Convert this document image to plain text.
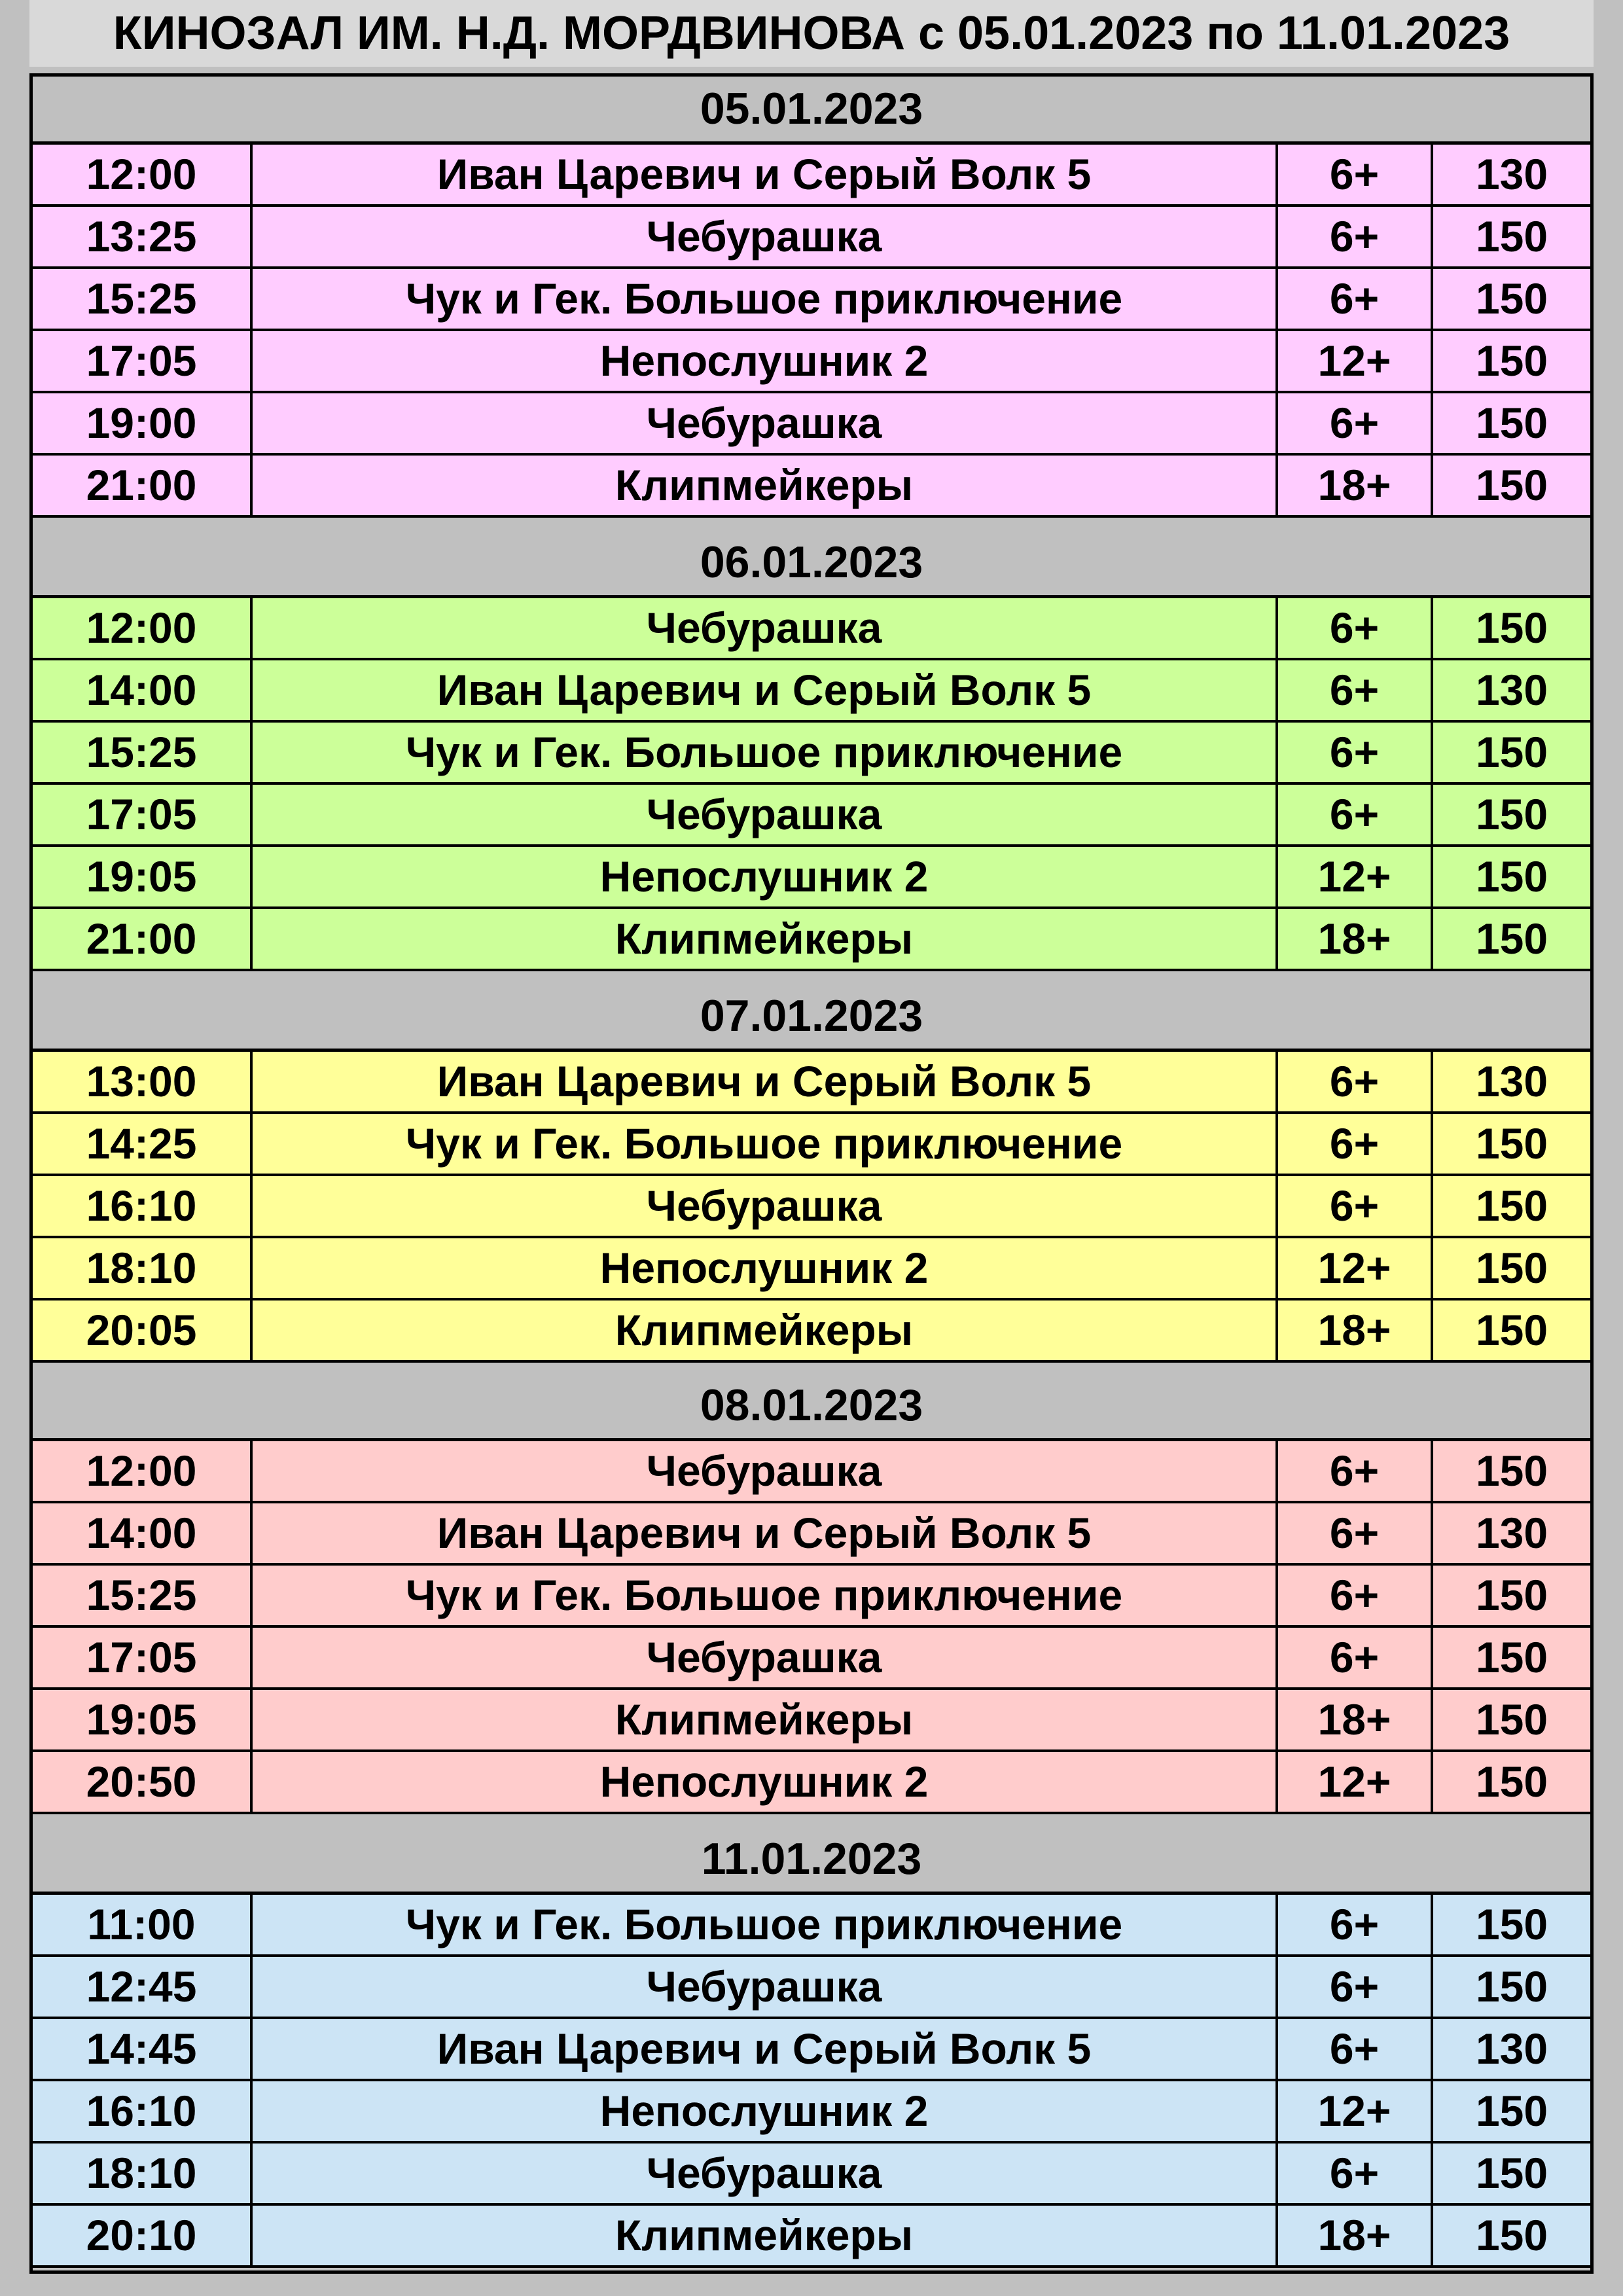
КИНОЗАЛ ИМ. Н.Д. МОРДВИНОВА с 05.01.2023 по 11.01.2023
05.01.2023
12:00	Иван Царевич и Серый Волк 5	6+	130
13:25	Чебурашка	6+	150
15:25	Чук и Гек. Большое приключение	6+	150
17:05	Непослушник 2	12+	150
19:00	Чебурашка	6+	150
21:00	Клипмейкеры	18+	150
06.01.2023
12:00	Чебурашка	6+	150
14:00	Иван Царевич и Серый Волк 5	6+	130
15:25	Чук и Гек. Большое приключение	6+	150
17:05	Чебурашка	6+	150
19:05	Непослушник 2	12+	150
21:00	Клипмейкеры	18+	150
07.01.2023
13:00	Иван Царевич и Серый Волк 5	6+	130
14:25	Чук и Гек. Большое приключение	6+	150
16:10	Чебурашка	6+	150
18:10	Непослушник 2	12+	150
20:05	Клипмейкеры	18+	150
08.01.2023
12:00	Чебурашка	6+	150
14:00	Иван Царевич и Серый Волк 5	6+	130
15:25	Чук и Гек. Большое приключение	6+	150
17:05	Чебурашка	6+	150
19:05	Клипмейкеры	18+	150
20:50	Непослушник 2	12+	150
11.01.2023
11:00	Чук и Гек. Большое приключение	6+	150
12:45	Чебурашка	6+	150
14:45	Иван Царевич и Серый Волк 5	6+	130
16:10	Непослушник 2	12+	150
18:10	Чебурашка	6+	150
20:10	Клипмейкеры	18+	150
